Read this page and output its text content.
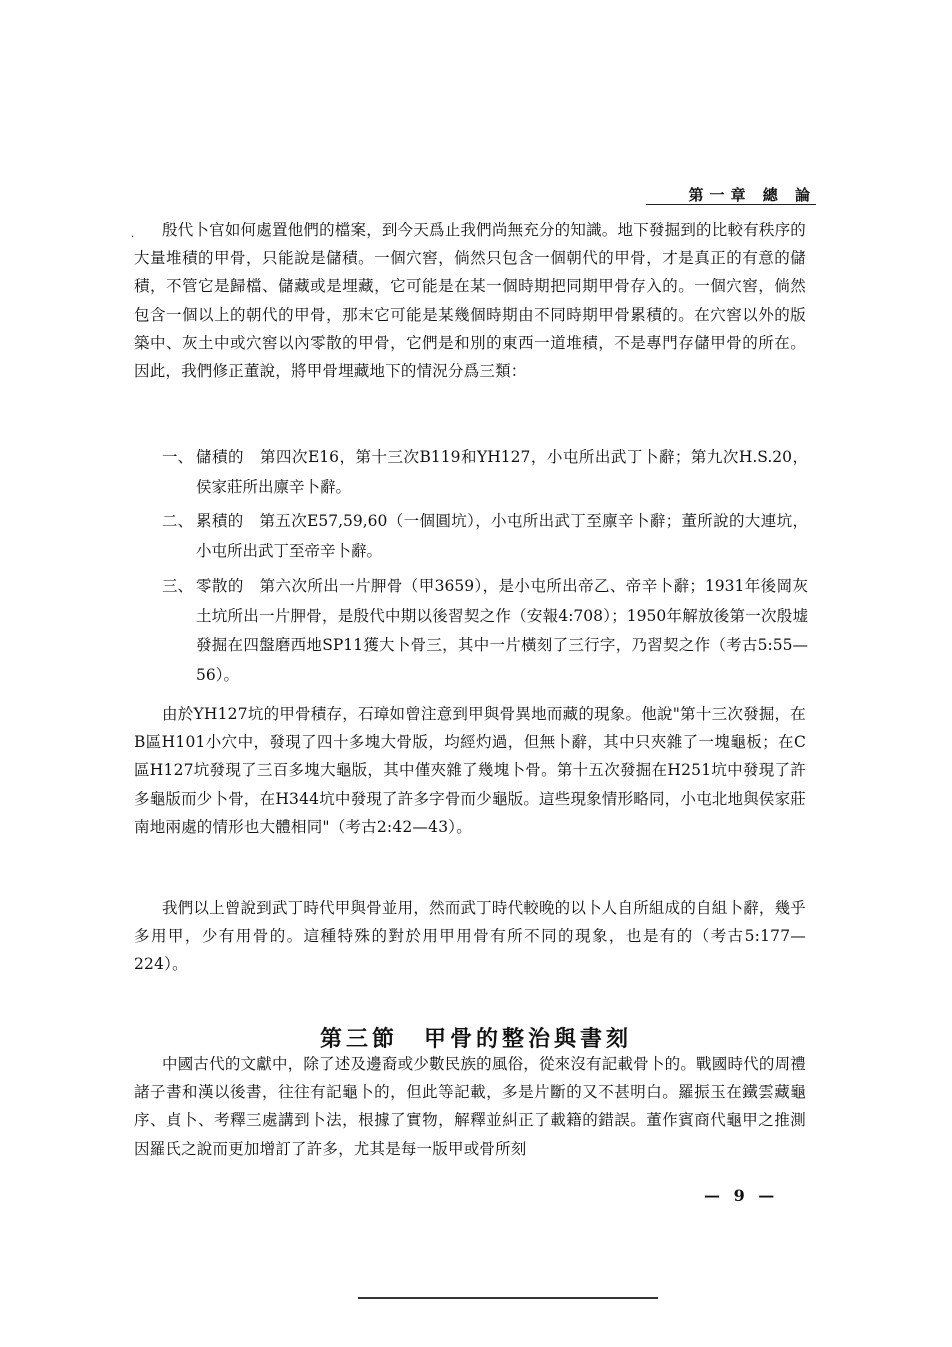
第一章 總 論
·	殷代卜官如何處置他們的檔案，到今天爲止我們尚無充分的知識。地下發掘到的比較有秩序的大量堆積的甲骨，只能說是儲積。一個穴窖，倘然只包含一個朝代的甲骨，才是真正的有意的儲積，不管它是歸檔、儲藏或是埋藏，它可能是在某一個時期把同期甲骨存入的。一個穴窖，倘然包含一個以上的朝代的甲骨，那末它可能是某幾個時期由不同時期甲骨累積的。在穴窖以外的版築中、灰土中或穴窖以內零散的甲骨，它們是和別的東西一道堆積，不是專門存儲甲骨的所在。因此，我們修正董說，將甲骨埋藏地下的情況分爲三類：

一、 儲積的　第四次E16，第十三次B119和YH127，小屯所出武丁卜辭；第九次H.S.20，侯家莊所出廪辛卜辭。

二、 累積的　第五次E57,59,60（一個圓坑），小屯所出武丁至廪辛卜辭；董所說的大連坑，小屯所出武丁至帝辛卜辭。

三、 零散的　第六次所出一片胛骨（甲3659），是小屯所出帝乙、帝辛卜辭；1931年後岡灰土坑所出一片胛骨，是殷代中期以後習契之作（安報4:708）；1950年解放後第一次殷墟發掘在四盤磨西地SP11獲大卜骨三，其中一片橫刻了三行字，乃習契之作（考古5:55—56）。

由於YH127坑的甲骨積存，石璋如曾注意到甲與骨異地而藏的現象。他說"第十三次發掘，在B區H101小穴中，發現了四十多塊大骨版，均經灼過，但無卜辭，其中只夾雜了一塊龜板；在C區H127坑發現了三百多塊大龜版，其中僅夾雜了幾塊卜骨。第十五次發掘在H251坑中發現了許多龜版而少卜骨，在H344坑中發現了許多字骨而少龜版。這些現象情形略同，小屯北地與侯家莊南地兩處的情形也大體相同"（考古2:42—43）。

我們以上曾說到武丁時代甲與骨並用，然而武丁時代較晚的以卜人自所組成的自組卜辭，幾乎多用甲，少有用骨的。這種特殊的對於用甲用骨有所不同的現象，也是有的（考古5:177—224）。

第三節　甲骨的整治與書刻

中國古代的文獻中，除了述及邊裔或少數民族的風俗，從來沒有記載骨卜的。戰國時代的周禮諸子書和漢以後書，往往有記龜卜的，但此等記載，多是片斷的又不甚明白。羅振玉在鐵雲藏龜序、貞卜、考釋三處講到卜法，根據了實物，解釋並糾正了載籍的錯誤。董作賓商代龜甲之推測因羅氏之說而更加增訂了許多，尤其是每一版甲或骨所刻

— 9 —
